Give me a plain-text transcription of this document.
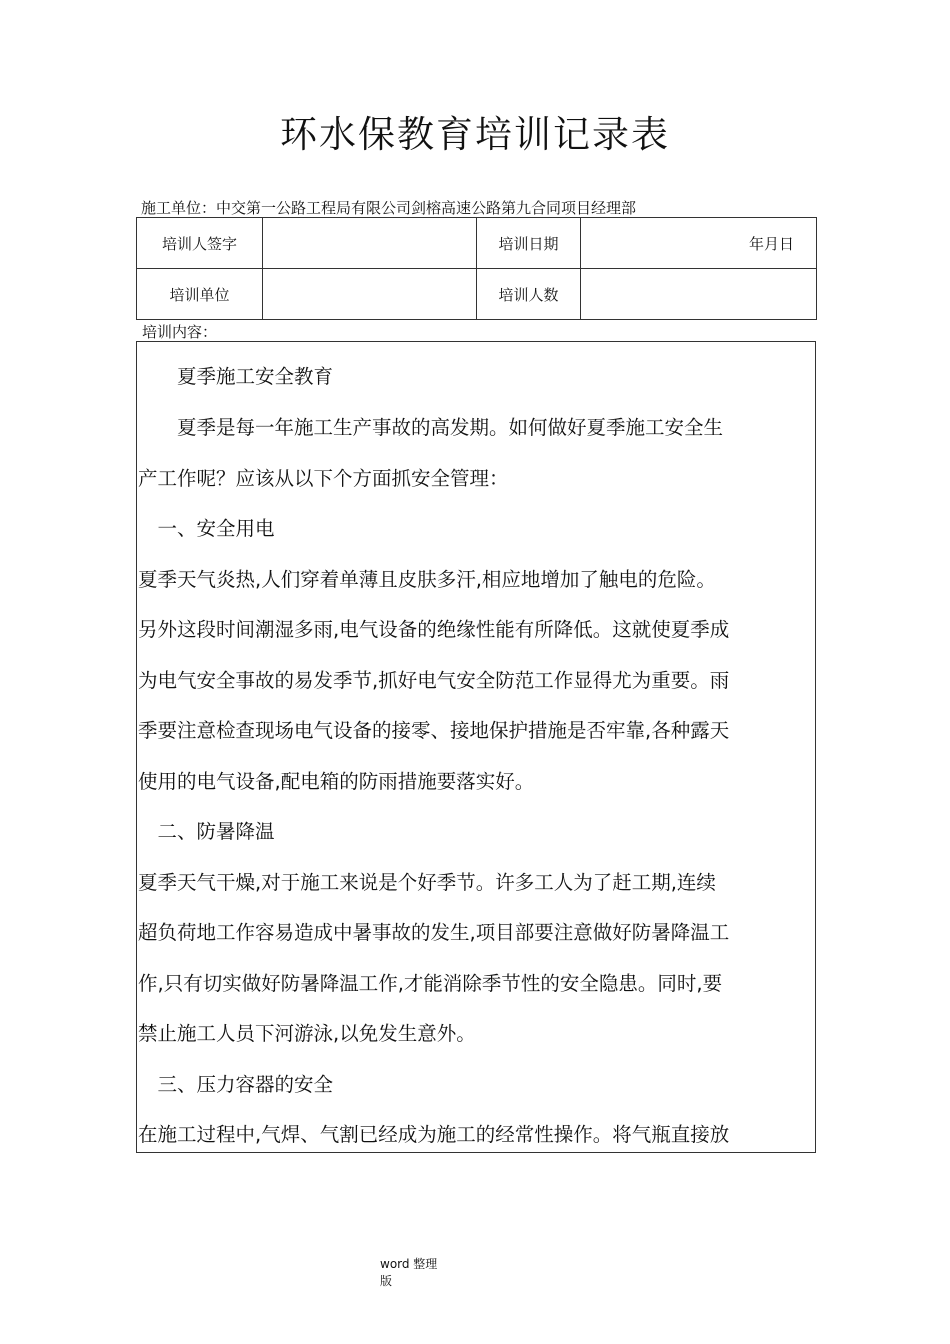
环水保教育培训记录表
施工单位：中交第一公路工程局有限公司剑榕高速公路第九合同项目经理部
培训人签字		培训日期	年月日
培训单位		培训人数	
培训内容：
　　夏季施工安全教育
　　夏季是每一年施工生产事故的高发期。如何做好夏季施工安全生
产工作呢？应该从以下个方面抓安全管理：
　一、安全用电
夏季天气炎热,人们穿着单薄且皮肤多汗,相应地增加了触电的危险。
另外这段时间潮湿多雨,电气设备的绝缘性能有所降低。这就使夏季成
为电气安全事故的易发季节,抓好电气安全防范工作显得尤为重要。雨
季要注意检查现场电气设备的接零、接地保护措施是否牢靠,各种露天
使用的电气设备,配电箱的防雨措施要落实好。
　二、防暑降温
夏季天气干燥,对于施工来说是个好季节。许多工人为了赶工期,连续
超负荷地工作容易造成中暑事故的发生,项目部要注意做好防暑降温工
作,只有切实做好防暑降温工作,才能消除季节性的安全隐患。同时,要
禁止施工人员下河游泳,以免发生意外。
　三、压力容器的安全
在施工过程中,气焊、气割已经成为施工的经常性操作。将气瓶直接放
word 整理
版
